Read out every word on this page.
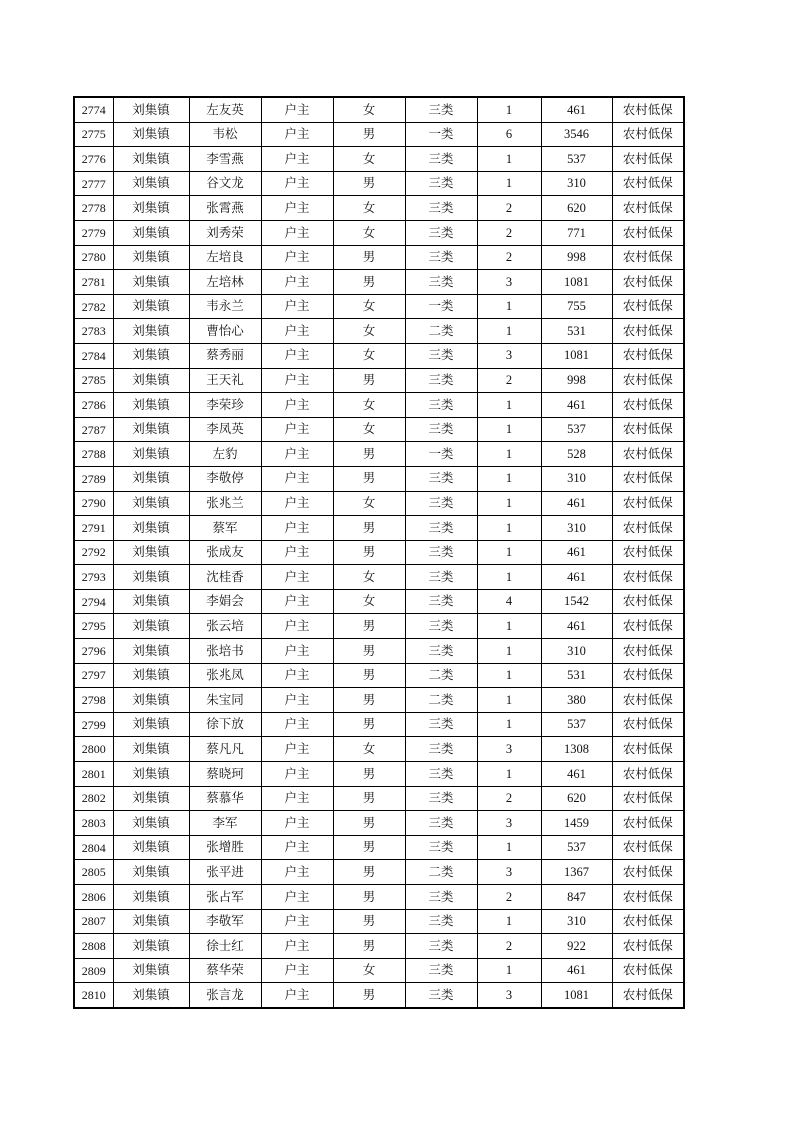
2774	刘集镇	左友英	户主	女	三类	1	461	农村低保
2775	刘集镇	韦松	户主	男	一类	6	3546	农村低保
2776	刘集镇	李雪燕	户主	女	三类	1	537	农村低保
2777	刘集镇	谷文龙	户主	男	三类	1	310	农村低保
2778	刘集镇	张霄燕	户主	女	三类	2	620	农村低保
2779	刘集镇	刘秀荣	户主	女	三类	2	771	农村低保
2780	刘集镇	左培良	户主	男	三类	2	998	农村低保
2781	刘集镇	左培林	户主	男	三类	3	1081	农村低保
2782	刘集镇	韦永兰	户主	女	一类	1	755	农村低保
2783	刘集镇	曹怡心	户主	女	二类	1	531	农村低保
2784	刘集镇	蔡秀丽	户主	女	三类	3	1081	农村低保
2785	刘集镇	王天礼	户主	男	三类	2	998	农村低保
2786	刘集镇	李荣珍	户主	女	三类	1	461	农村低保
2787	刘集镇	李凤英	户主	女	三类	1	537	农村低保
2788	刘集镇	左豹	户主	男	一类	1	528	农村低保
2789	刘集镇	李敬停	户主	男	三类	1	310	农村低保
2790	刘集镇	张兆兰	户主	女	三类	1	461	农村低保
2791	刘集镇	蔡军	户主	男	三类	1	310	农村低保
2792	刘集镇	张成友	户主	男	三类	1	461	农村低保
2793	刘集镇	沈桂香	户主	女	三类	1	461	农村低保
2794	刘集镇	李娟会	户主	女	三类	4	1542	农村低保
2795	刘集镇	张云培	户主	男	三类	1	461	农村低保
2796	刘集镇	张培书	户主	男	三类	1	310	农村低保
2797	刘集镇	张兆凤	户主	男	二类	1	531	农村低保
2798	刘集镇	朱宝同	户主	男	二类	1	380	农村低保
2799	刘集镇	徐下放	户主	男	三类	1	537	农村低保
2800	刘集镇	蔡凡凡	户主	女	三类	3	1308	农村低保
2801	刘集镇	蔡晓珂	户主	男	三类	1	461	农村低保
2802	刘集镇	蔡慕华	户主	男	三类	2	620	农村低保
2803	刘集镇	李军	户主	男	三类	3	1459	农村低保
2804	刘集镇	张增胜	户主	男	三类	1	537	农村低保
2805	刘集镇	张平进	户主	男	二类	3	1367	农村低保
2806	刘集镇	张占军	户主	男	三类	2	847	农村低保
2807	刘集镇	李敬军	户主	男	三类	1	310	农村低保
2808	刘集镇	徐士红	户主	男	三类	2	922	农村低保
2809	刘集镇	蔡华荣	户主	女	三类	1	461	农村低保
2810	刘集镇	张言龙	户主	男	三类	3	1081	农村低保
